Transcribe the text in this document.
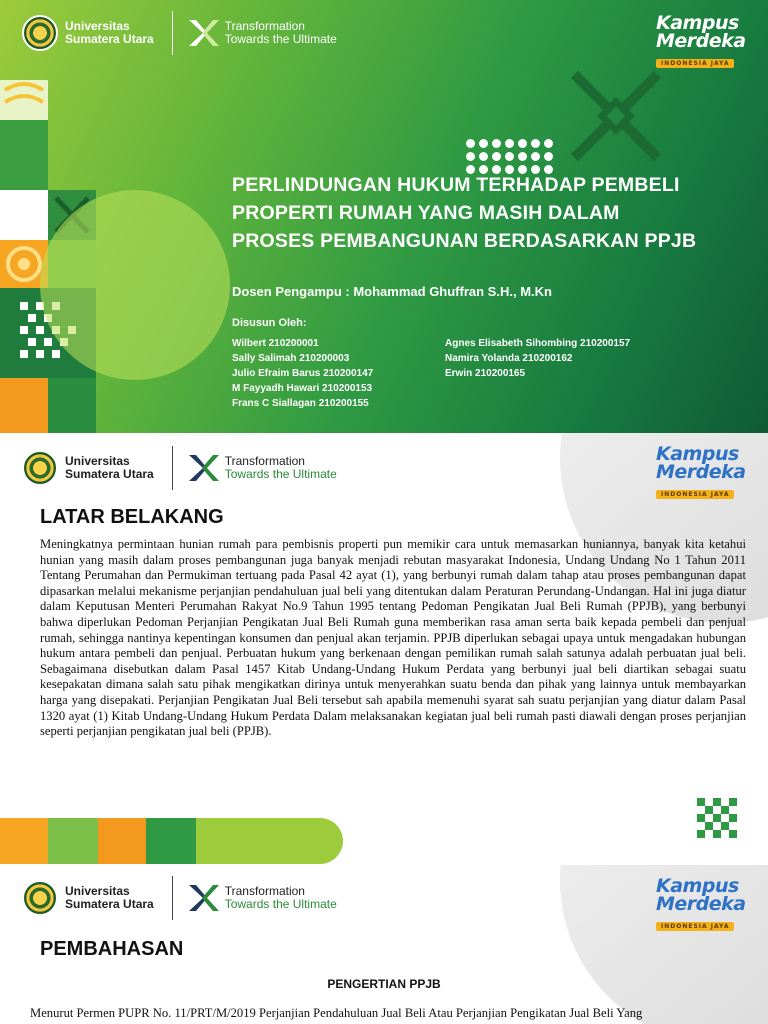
Universitas
Sumatera Utara
Transformation
Towards the Ultimate
Kampus
Merdeka
INDONESIA JAYA
PERLINDUNGAN HUKUM TERHADAP PEMBELI
PROPERTI RUMAH YANG MASIH DALAM
PROSES PEMBANGUNAN BERDASARKAN PPJB
Dosen Pengampu : Mohammad Ghuffran S.H., M.Kn
Disusun Oleh:
Wilbert 210200001
Sally Salimah 210200003
Julio Efraim Barus 210200147
M Fayyadh Hawari 210200153
Frans C Siallagan 210200155
Agnes Elisabeth Sihombing 210200157
Namira Yolanda 210200162
Erwin 210200165
Universitas
Sumatera Utara
Transformation
Towards the Ultimate
Kampus
Merdeka
INDONESIA JAYA
LATAR BELAKANG

Meningkatnya permintaan hunian rumah para pembisnis properti pun memikir cara untuk memasarkan huniannya, banyak kita ketahui hunian yang masih dalam proses pembangunan juga banyak menjadi rebutan masyarakat Indonesia, Undang Undang No 1 Tahun 2011 Tentang Perumahan dan Permukiman tertuang pada Pasal 42 ayat (1), yang berbunyi rumah dalam tahap atau proses pembangunan dapat dipasarkan melalui mekanisme perjanjian pendahuluan jual beli yang ditentukan dalam Peraturan Perundang-Undangan. Hal ini juga diatur dalam Keputusan Menteri Perumahan Rakyat No.9 Tahun 1995 tentang Pedoman Pengikatan Jual Beli Rumah (PPJB), yang berbunyi bahwa diperlukan Pedoman Perjanjian Pengikatan Jual Beli Rumah guna memberikan rasa aman serta baik kepada pembeli dan penjual rumah, sehingga nantinya kepentingan konsumen dan penjual akan terjamin. PPJB diperlukan sebagai upaya untuk mengadakan hubungan hukum antara pembeli dan penjual. Perbuatan hukum yang berkenaan dengan pemilikan rumah salah satunya adalah perbuatan jual beli. Sebagaimana disebutkan dalam Pasal 1457 Kitab Undang-Undang Hukum Perdata yang berbunyi jual beli diartikan sebagai suatu kesepakatan dimana salah satu pihak mengikatkan dirinya untuk menyerahkan suatu benda dan pihak yang lainnya untuk membayarkan harga yang disepakati. Perjanjian Pengikatan Jual Beli tersebut sah apabila memenuhi syarat sah suatu perjanjian yang diatur dalam Pasal 1320 ayat (1) Kitab Undang-Undang Hukum Perdata Dalam melaksanakan kegiatan jual beli rumah pasti diawali dengan proses perjanjian seperti perjanjian pengikatan jual beli (PPJB).

Universitas
Sumatera Utara
Transformation
Towards the Ultimate
Kampus
Merdeka
INDONESIA JAYA
PEMBAHASAN
PENGERTIAN PPJB

Menurut Permen PUPR No. 11/PRT/M/2019 Perjanjian Pendahuluan Jual Beli Atau Perjanjian Pengikatan Jual Beli Yang
